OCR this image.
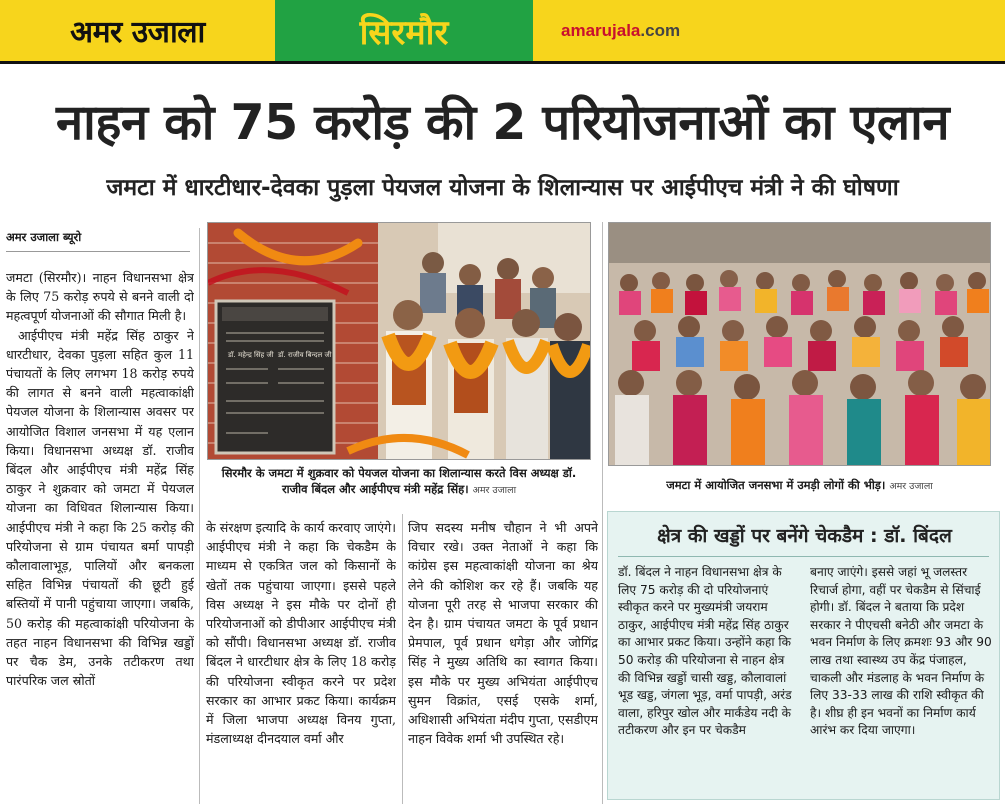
अमर उजाला	सिरमौर	amarujala.com
नाहन को 75 करोड़ की 2 परियोजनाओं का एलान
जमटा में धारटीधार-देवका पुड़ला पेयजल योजना के शिलान्यास पर आईपीएच मंत्री ने की घोषणा
अमर उजाला ब्यूरो

जमटा (सिरमौर)। नाहन विधानसभा क्षेत्र के लिए 75 करोड़ रुपये से बनने वाली दो महत्वपूर्ण योजनाओं की सौगात मिली है।

आईपीएच मंत्री महेंद्र सिंह ठाकुर ने धारटीधार, देवका पुड़ला सहित कुल 11 पंचायतों के लिए लगभग 18 करोड़ रुपये की लागत से बनने वाली महत्वाकांक्षी पेयजल योजना के शिलान्यास अवसर पर आयोजित विशाल जनसभा में यह एलान किया। विधानसभा अध्यक्ष डॉ. राजीव बिंदल और आईपीएच मंत्री महेंद्र सिंह ठाकुर ने शुक्रवार को जमटा में पेयजल योजना का विधिवत शिलान्यास किया। आईपीएच मंत्री ने कहा कि 25 करोड़ की परियोजना से ग्राम पंचायत बर्मा पापड़ी कौलावालाभूड़, पालियों और बनकला सहित विभिन्न पंचायतों की छूटी हुई बस्तियों में पानी पहुंचाया जाएगा। जबकि, 50 करोड़ की महत्वाकांक्षी परियोजना के तहत नाहन विधानसभा की विभिन्न खड्डों पर चैक डेम, उनके तटीकरण तथा पारंपरिक जल स्रोतों

डॉ. महेन्द्र सिंह जी डॉ. राजीव बिन्दल जी
सिरमौर के जमटा में शुक्रवार को पेयजल योजना का शिलान्यास करते विस अध्यक्ष डॉ. राजीव बिंदल और आईपीएच मंत्री महेंद्र सिंह। अमर उजाला	जमटा में आयोजित जनसभा में उमड़ी लोगों की भीड़। अमर उजाला

के संरक्षण इत्यादि के कार्य करवाए जाएंगे। आईपीएच मंत्री ने कहा कि चेकडैम के माध्यम से एकत्रित जल को किसानों के खेतों तक पहुंचाया जाएगा। इससे पहले विस अध्यक्ष ने इस मौके पर दोनों ही परियोजनाओं को डीपीआर आईपीएच मंत्री को सौंपी। विधानसभा अध्यक्ष डॉ. राजीव बिंदल ने धारटीधार क्षेत्र के लिए 18 करोड़ की परियोजना स्वीकृत करने पर प्रदेश सरकार का आभार प्रकट किया। कार्यक्रम में जिला भाजपा अध्यक्ष विनय गुप्ता, मंडलाध्यक्ष दीनदयाल वर्मा और

जिप सदस्य मनीष चौहान ने भी अपने विचार रखे। उक्त नेताओं ने कहा कि कांग्रेस इस महत्वाकांक्षी योजना का श्रेय लेने की कोशिश कर रहे हैं। जबकि यह योजना पूरी तरह से भाजपा सरकार की देन है। ग्राम पंचायत जमटा के पूर्व प्रधान प्रेमपाल, पूर्व प्रधान धगेड़ा और जोगिंद्र सिंह ने मुख्य अतिथि का स्वागत किया। इस मौके पर मुख्य अभियंता आईपीएच सुमन विक्रांत, एसई एसके शर्मा, अधिशासी अभियंता मंदीप गुप्ता, एसडीएम नाहन विवेक शर्मा भी उपस्थित रहे।

क्षेत्र की खड्डों पर बनेंगे चेकडैम : डॉ. बिंदल
डॉ. बिंदल ने नाहन विधानसभा क्षेत्र के लिए 75 करोड़ की दो परियोजनाएं स्वीकृत करने पर मुख्यमंत्री जयराम ठाकुर, आईपीएच मंत्री महेंद्र सिंह ठाकुर का आभार प्रकट किया। उन्होंने कहा कि 50 करोड़ की परियोजना से नाहन क्षेत्र की विभिन्न खड्डों चासी खड्ड, कौलावालां भूड खड्ड, जंगला भूड़, वर्मा पापड़ी, अरंड वाला, हरिपुर खोल और मार्कंडेय नदी के तटीकरण और इन पर चेकडैम
बनाए जाएंगे। इससे जहां भू जलस्तर रिचार्ज होगा, वहीं पर चेकडैम से सिंचाई होगी। डॉ. बिंदल ने बताया कि प्रदेश सरकार ने पीएचसी बनेठी और जमटा के भवन निर्माण के लिए क्रमशः 93 और 90 लाख तथा स्वास्थ्य उप केंद्र पंजाहल, चाकली और मंडलाह के भवन निर्माण के लिए 33-33 लाख की राशि स्वीकृत की है। शीघ्र ही इन भवनों का निर्माण कार्य आरंभ कर दिया जाएगा।
